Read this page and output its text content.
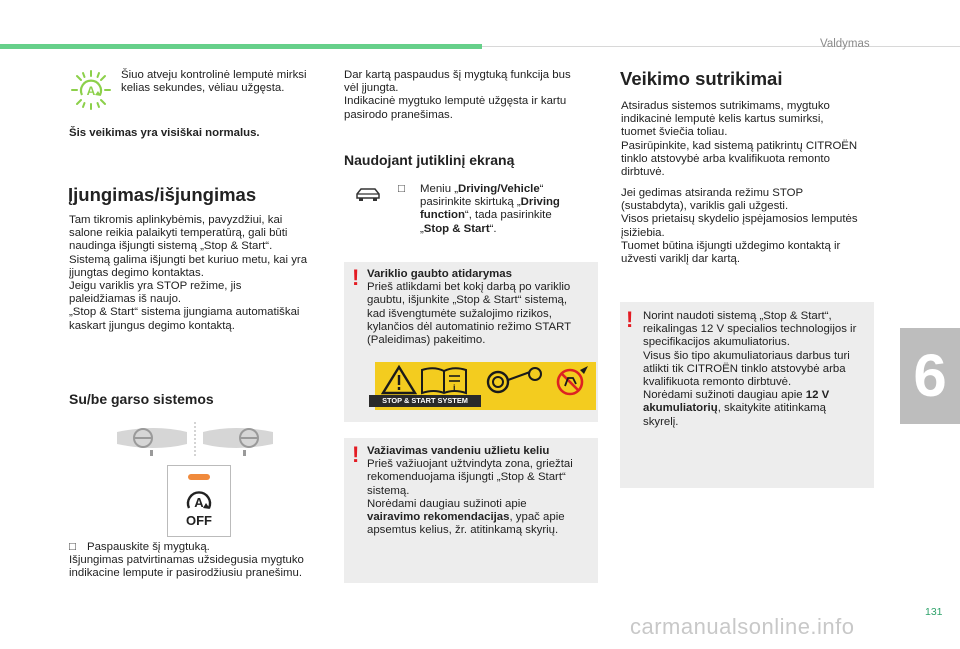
Valdymas
6
A

Šiuo atveju kontrolinė lemputė mirksi

kelias sekundes, vėliau užgęsta.

Šis veikimas yra visiškai normalus.

Įjungimas/išjungimas

Tam tikromis aplinkybėmis, pavyzdžiui, kai

salone reikia palaikyti temperatūrą, gali būti

naudinga išjungti sistemą „Stop & Start“.

Sistemą galima išjungti bet kuriuo metu, kai yra

įjungtas degimo kontaktas.

Jeigu variklis yra STOP režime, jis

paleidžiamas iš naujo.

„Stop & Start“ sistema įjungiama automatiškai

kaskart įjungus degimo kontaktą.

Su/be garso sistemos

A
OFF

□ Paspauskite šį mygtuką.

Išjungimas patvirtinamas užsidegusia mygtuko

indikacine lempute ir pasirodžiusiu pranešimu.

Dar kartą paspaudus šį mygtuką funkcija bus

vėl įjungta.

Indikacinė mygtuko lemputė užgęsta ir kartu

pasirodo pranešimas.

Naudojant jutiklinį ekraną

□ Meniu „Driving/Vehicle“

pasirinkite skirtuką „Driving

function“, tada pasirinkite

„Stop & Start“.

! Variklio gaubto atidarymas

Prieš atlikdami bet kokį darbą po variklio

gaubtu, išjunkite „Stop & Start“ sistemą,

kad išvengtumėte sužalojimo rizikos,

kylančios dėl automatinio režimo START

(Paleidimas) pakeitimo.

i
STOP & START SYSTEM
! Važiavimas vandeniu užlietu keliu

Prieš važiuojant užtvindyta zona, griežtai

rekomenduojama išjungti „Stop & Start“

sistemą.

Norėdami daugiau sužinoti apie

vairavimo rekomendacijas, ypač apie

apsemtus kelius, žr. atitinkamą skyrių.

Veikimo sutrikimai

Atsiradus sistemos sutrikimams, mygtuko

indikacinė lemputė kelis kartus sumirksi,

tuomet šviečia toliau.

Pasirūpinkite, kad sistemą patikrintų CITROËN

tinklo atstovybė arba kvalifikuota remonto

dirbtuvė.

Jei gedimas atsiranda režimu STOP

(sustabdyta), variklis gali užgesti.

Visos prietaisų skydelio įspėjamosios lemputės

įsižiebia.

Tuomet būtina išjungti uždegimo kontaktą ir

užvesti variklį dar kartą.

! Norint naudoti sistemą „Stop & Start“,

reikalingas 12 V specialios technologijos ir

specifikacijos akumuliatorius.

Visus šio tipo akumuliatoriaus darbus turi

atlikti tik CITROËN tinklo atstovybė arba

kvalifikuota remonto dirbtuvė.

Norėdami sužinoti daugiau apie 12 V

akumuliatorių, skaitykite atitinkamą

skyrelį.

131
carmanualsonline.info
